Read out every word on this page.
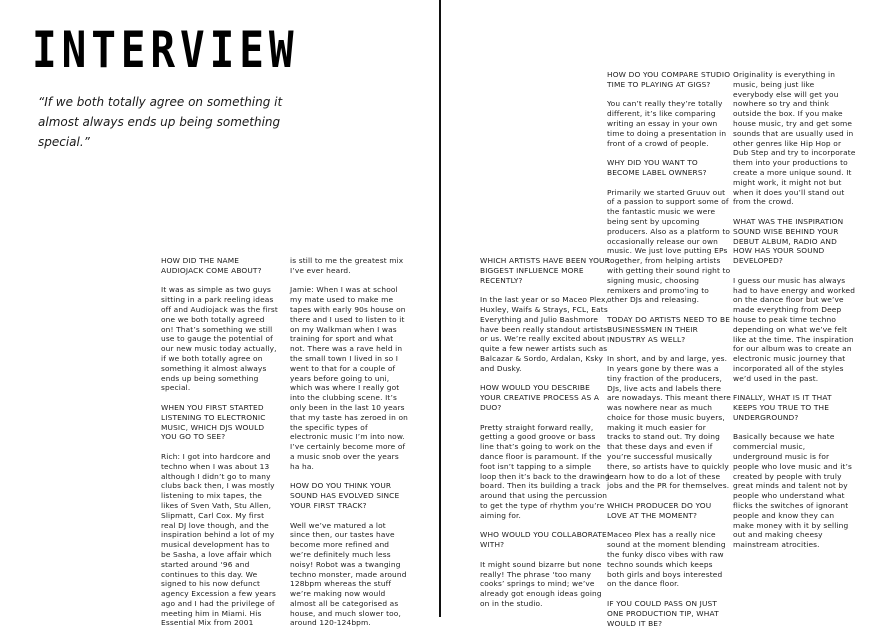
INTERVIEW

“If we both totally agree on something it almost always ends up being something special.”

HOW DID THE NAME AUDIOJACK COME ABOUT?

It was as simple as two guys sitting in a park reeling ideas off and Audiojack was the first one we both totally agreed on! That’s something we still use to gauge the potential of our new music today actually, if we both totally agree on something it almost always ends up being something special.

WHEN YOU FIRST STARTED LISTENING TO ELECTRONIC MUSIC, WHICH DJS WOULD YOU GO TO SEE?

Rich: I got into hardcore and techno when I was about 13 although I didn’t go to many clubs back then, I was mostly listening to mix tapes, the likes of Sven Vath, Stu Allen, Slipmatt, Carl Cox. My first real DJ love though, and the inspiration behind a lot of my musical development has to be Sasha, a love affair which started around ‘96 and continues to this day. We signed to his now defunct agency Excession a few years ago and I had the privilege of meeting him in Miami. His Essential Mix from 2001

is still to me the greatest mix I’ve ever heard.

Jamie: When I was at school my mate used to make me tapes with early 90s house on there and I used to listen to it on my Walkman when I was training for sport and what not. There was a rave held in the small town I lived in so I went to that for a couple of years before going to uni, which was where I really got into the clubbing scene. It’s only been in the last 10 years that my taste has zeroed in on the specific types of electronic music I’m into now. I’ve certainly become more of a music snob over the years ha ha.

HOW DO YOU THINK YOUR SOUND HAS EVOLVED SINCE YOUR FIRST TRACK?

Well we’ve matured a lot since then, our tastes have become more refined and we’re definitely much less noisy! Robot was a twanging techno monster, made around 128bpm whereas the stuff we’re making now would almost all be categorised as house, and much slower too, around 120-124bpm.

WHICH ARTISTS HAVE BEEN YOUR BIGGEST INFLUENCE MORE RECENTLY?

In the last year or so Maceo Plex, Huxley, Waifs & Strays, FCL, Eats Everything and Julio Bashmore have been really standout artists or us. We’re really excited about quite a few newer artists such as Balcazar & Sordo, Ardalan, Ksky and Dusky.

HOW WOULD YOU DESCRIBE YOUR CREATIVE PROCESS AS A DUO?

Pretty straight forward really, getting a good groove or bass line that’s going to work on the dance floor is paramount. If the foot isn’t tapping to a simple loop then it’s back to the drawing board. Then its building a track around that using the percussion to get the type of rhythm you’re aiming for.

WHO WOULD YOU COLLABORATE WITH?

It might sound bizarre but none really! The phrase ‘too many cooks’ springs to mind; we’ve already got enough ideas going on in the studio.

HOW DO YOU COMPARE STUDIO TIME TO PLAYING AT GIGS?

You can’t really they’re totally different, it’s like comparing writing an essay in your own time to doing a presentation in front of a crowd of people.

WHY DID YOU WANT TO BECOME LABEL OWNERS?

Primarily we started Gruuv out of a passion to support some of the fantastic music we were being sent by upcoming producers. Also as a platform to occasionally release our own music. We just love putting EPs together, from helping artists with getting their sound right to signing music, choosing remixers and promo’ing to other DJs and releasing.

TODAY DO ARTISTS NEED TO BE BUSINESSMEN IN THEIR INDUSTRY AS WELL?

In short, and by and large, yes. In years gone by there was a tiny fraction of the producers, DJs, live acts and labels there are nowadays. This meant there was nowhere near as much choice for those music buyers, making it much easier for tracks to stand out. Try doing that these days and even if you’re successful musically there, so artists have to quickly learn how to do a lot of these jobs and the PR for themselves.

WHICH PRODUCER DO YOU LOVE AT THE MOMENT?

Maceo Plex has a really nice sound at the moment blending the funky disco vibes with raw techno sounds which keeps both girls and boys interested on the dance floor.

IF YOU COULD PASS ON JUST ONE PRODUCTION TIP, WHAT WOULD IT BE?

Originality is everything in music, being just like everybody else will get you nowhere so try and think outside the box. If you make house music, try and get some sounds that are usually used in other genres like Hip Hop or Dub Step and try to incorporate them into your productions to create a more unique sound. It might work, it might not but when it does you’ll stand out from the crowd.

WHAT WAS THE INSPIRATION SOUND WISE BEHIND YOUR DEBUT ALBUM, RADIO AND HOW HAS YOUR SOUND DEVELOPED?

I guess our music has always had to have energy and worked on the dance floor but we’ve made everything from Deep house to peak time techno depending on what we’ve felt like at the time. The inspiration for our album was to create an electronic music journey that incorporated all of the styles we’d used in the past.

FINALLY, WHAT IS IT THAT KEEPS YOU TRUE TO THE UNDERGROUND?

Basically because we hate commercial music, underground music is for people who love music and it’s created by people with truly great minds and talent not by people who understand what flicks the switches of ignorant people and know they can make money with it by selling out and making cheesy mainstream atrocities.
